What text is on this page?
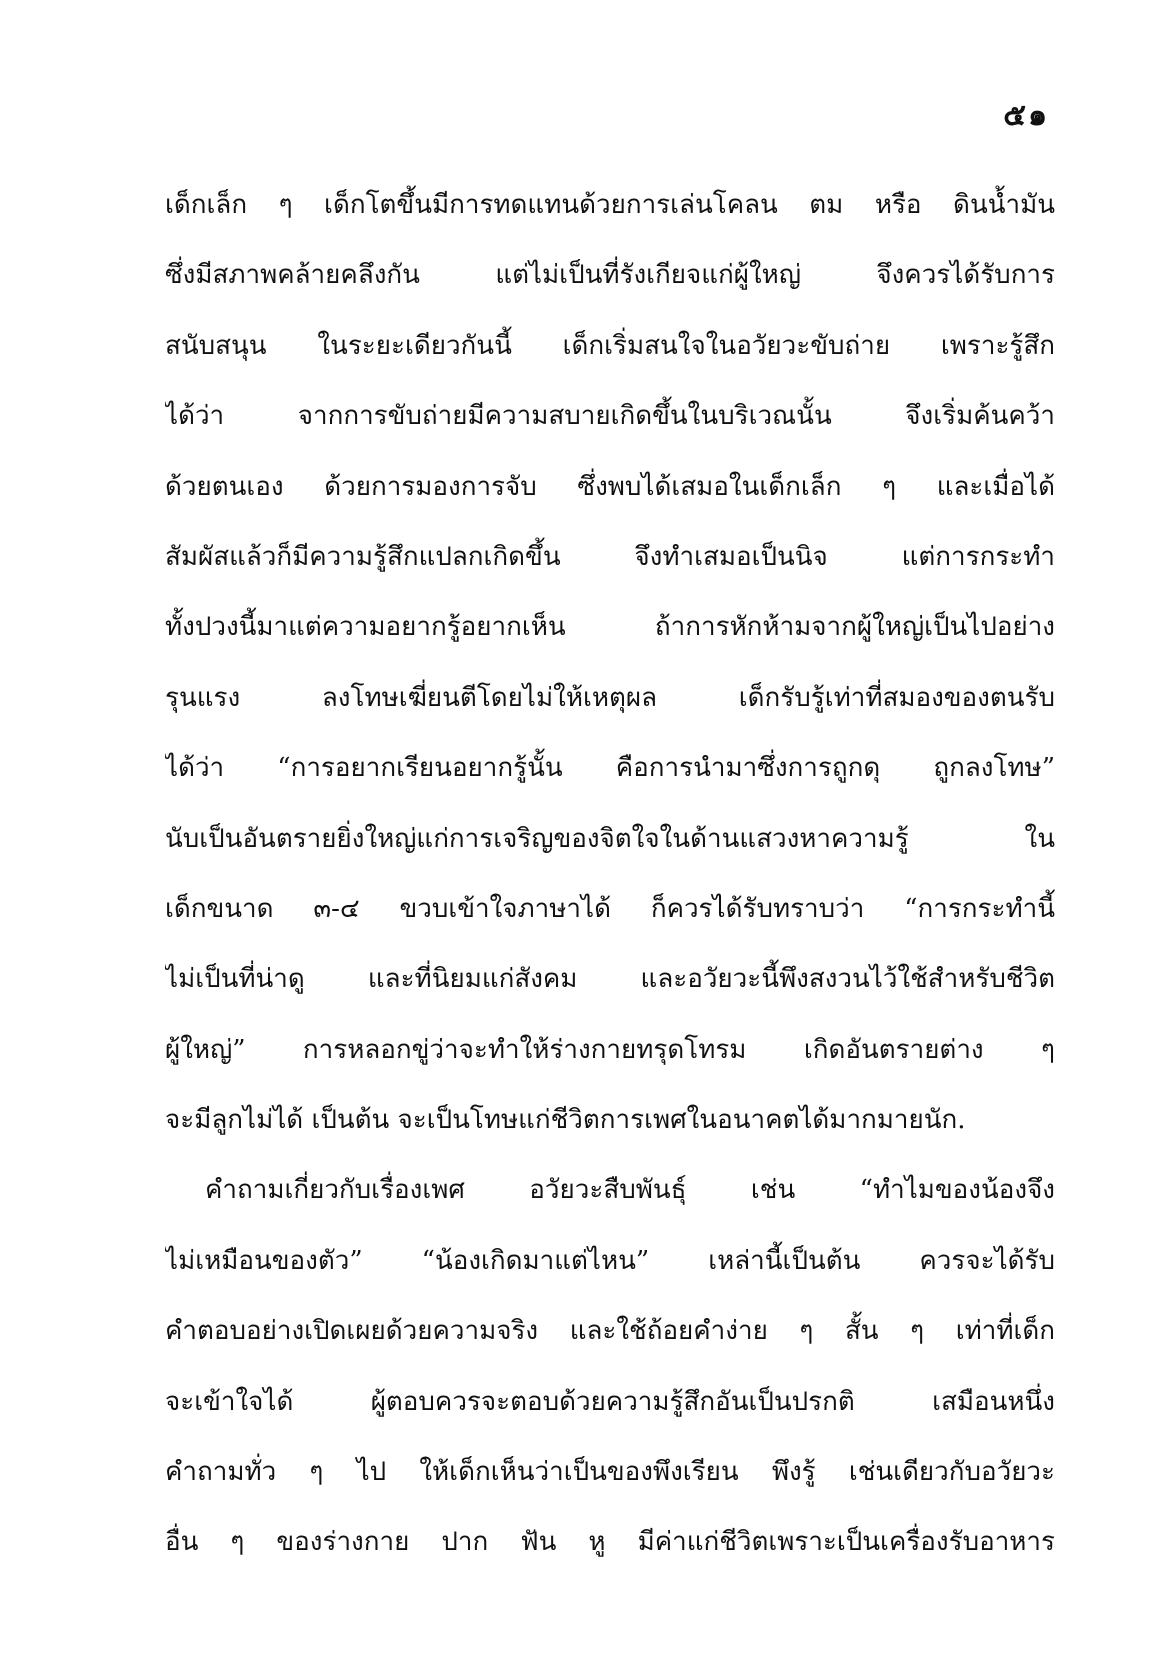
๕๑
เด็กเล็ก ๆ เด็กโตขึ้นมีการทดแทนด้วยการเล่นโคลน ตม หรือ ดินน้ำมัน
ซึ่งมีสภาพคล้ายคลึงกัน แต่ไม่เป็นที่รังเกียจแก่ผู้ใหญ่ จึงควรได้รับการ
สนับสนุน ในระยะเดียวกันนี้ เด็กเริ่มสนใจในอวัยวะขับถ่าย เพราะรู้สึก
ได้ว่า จากการขับถ่ายมีความสบายเกิดขึ้นในบริเวณนั้น จึงเริ่มค้นคว้า
ด้วยตนเอง ด้วยการมองการจับ ซึ่งพบได้เสมอในเด็กเล็ก ๆ และเมื่อได้
สัมผัสแล้วก็มีความรู้สึกแปลกเกิดขึ้น จึงทำเสมอเป็นนิจ แต่การกระทำ
ทั้งปวงนี้มาแต่ความอยากรู้อยากเห็น ถ้าการหักห้ามจากผู้ใหญ่เป็นไปอย่าง
รุนแรง ลงโทษเฆี่ยนตีโดยไม่ให้เหตุผล เด็กรับรู้เท่าที่สมองของตนรับ
ได้ว่า “การอยากเรียนอยากรู้นั้น คือการนำมาซึ่งการถูกดุ ถูกลงโทษ”
นับเป็นอันตรายยิ่งใหญ่แก่การเจริญของจิตใจในด้านแสวงหาความรู้ ใน
เด็กขนาด ๓-๔ ขวบเข้าใจภาษาได้ ก็ควรได้รับทราบว่า “การกระทำนี้
ไม่เป็นที่น่าดู และที่นิยมแก่สังคม และอวัยวะนี้พึงสงวนไว้ใช้สำหรับชีวิต
ผู้ใหญ่” การหลอกขู่ว่าจะทำให้ร่างกายทรุดโทรม เกิดอันตรายต่าง ๆ
จะมีลูกไม่ได้ เป็นต้น จะเป็นโทษแก่ชีวิตการเพศในอนาคตได้มากมายนัก.
คำถามเกี่ยวกับเรื่องเพศ อวัยวะสืบพันธุ์ เช่น “ทำไมของน้องจึง
ไม่เหมือนของตัว” “น้องเกิดมาแต่ไหน” เหล่านี้เป็นต้น ควรจะได้รับ
คำตอบอย่างเปิดเผยด้วยความจริง และใช้ถ้อยคำง่าย ๆ สั้น ๆ เท่าที่เด็ก
จะเข้าใจได้ ผู้ตอบควรจะตอบด้วยความรู้สึกอันเป็นปรกติ เสมือนหนึ่ง
คำถามทั่ว ๆ ไป ให้เด็กเห็นว่าเป็นของพึงเรียน พึงรู้ เช่นเดียวกับอวัยวะ
อื่น ๆ ของร่างกาย ปาก ฟัน หู มีค่าแก่ชีวิตเพราะเป็นเครื่องรับอาหาร
